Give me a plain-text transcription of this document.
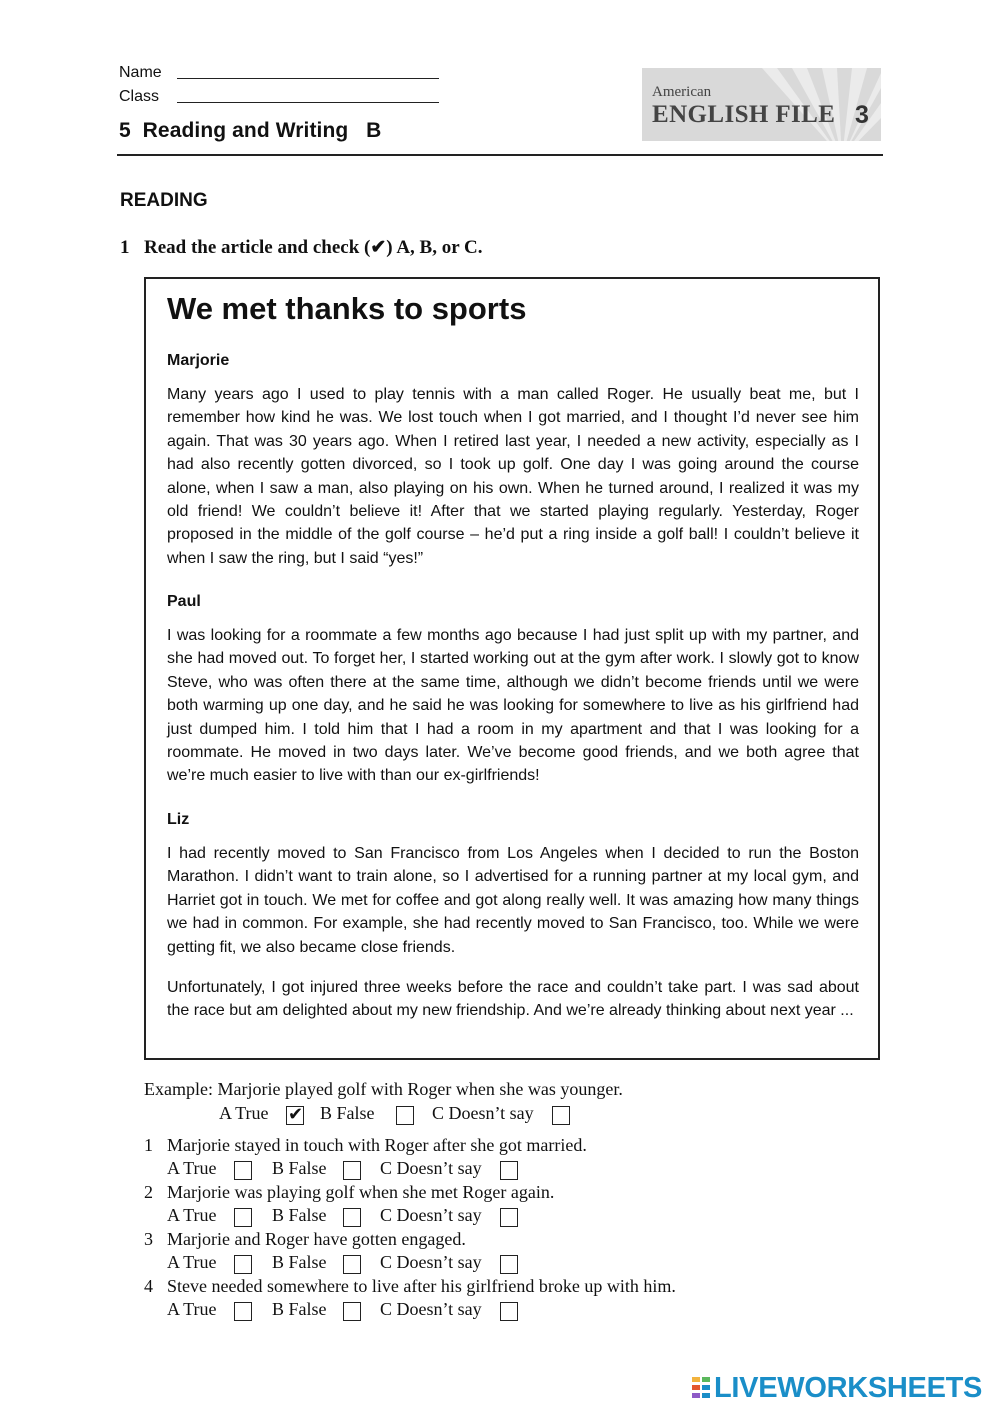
Name
Class
5  Reading and Writing   B
American
ENGLISH FILE 3
READING
1 Read the article and check (✔) A, B, or C.
We met thanks to sports
Marjorie

Many years ago I used to play tennis with a man called Roger. He usually beat me, but I remember how kind he was. We lost touch when I got married, and I thought I’d never see him again. That was 30 years ago. When I retired last year, I needed a new activity, especially as I had also recently gotten divorced, so I took up golf. One day I was going around the course alone, when I saw a man, also playing on his own. When he turned around, I realized it was my old friend! We couldn’t believe it! After that we started playing regularly. Yesterday, Roger proposed in the middle of the golf course – he’d put a ring inside a golf ball! I couldn’t believe it when I saw the ring, but I said “yes!”

Paul

I was looking for a roommate a few months ago because I had just split up with my partner, and she had moved out. To forget her, I started working out at the gym after work. I slowly got to know Steve, who was often there at the same time, although we didn’t become friends until we were both warming up one day, and he said he was looking for somewhere to live as his girlfriend had just dumped him. I told him that I had a room in my apartment and that I was looking for a roommate. He moved in two days later. We’ve become good friends, and we both agree that we’re much easier to live with than our ex-girlfriends!

Liz

I had recently moved to San Francisco from Los Angeles when I decided to run the Boston Marathon. I didn’t want to train alone, so I advertised for a running partner at my local gym, and Harriet got in touch. We met for coffee and got along really well. It was amazing how many things we had in common. For example, she had recently moved to San Francisco, too. While we were getting fit, we also became close friends.

Unfortunately, I got injured three weeks before the race and couldn’t take part. I was sad about the race but am delighted about my new friendship. And we’re already thinking about next year ...

Example: Marjorie played golf with Roger when she was younger.
A True ✔ B False	C Doesn’t say
1 Marjorie stayed in touch with Roger after she got married.
A True	B False	C Doesn’t say
2 Marjorie was playing golf when she met Roger again.
A True	B False	C Doesn’t say
3 Marjorie and Roger have gotten engaged.
A True	B False	C Doesn’t say
4 Steve needed somewhere to live after his girlfriend broke up with him.
A True	B False	C Doesn’t say
LIVEWORKSHEETS
